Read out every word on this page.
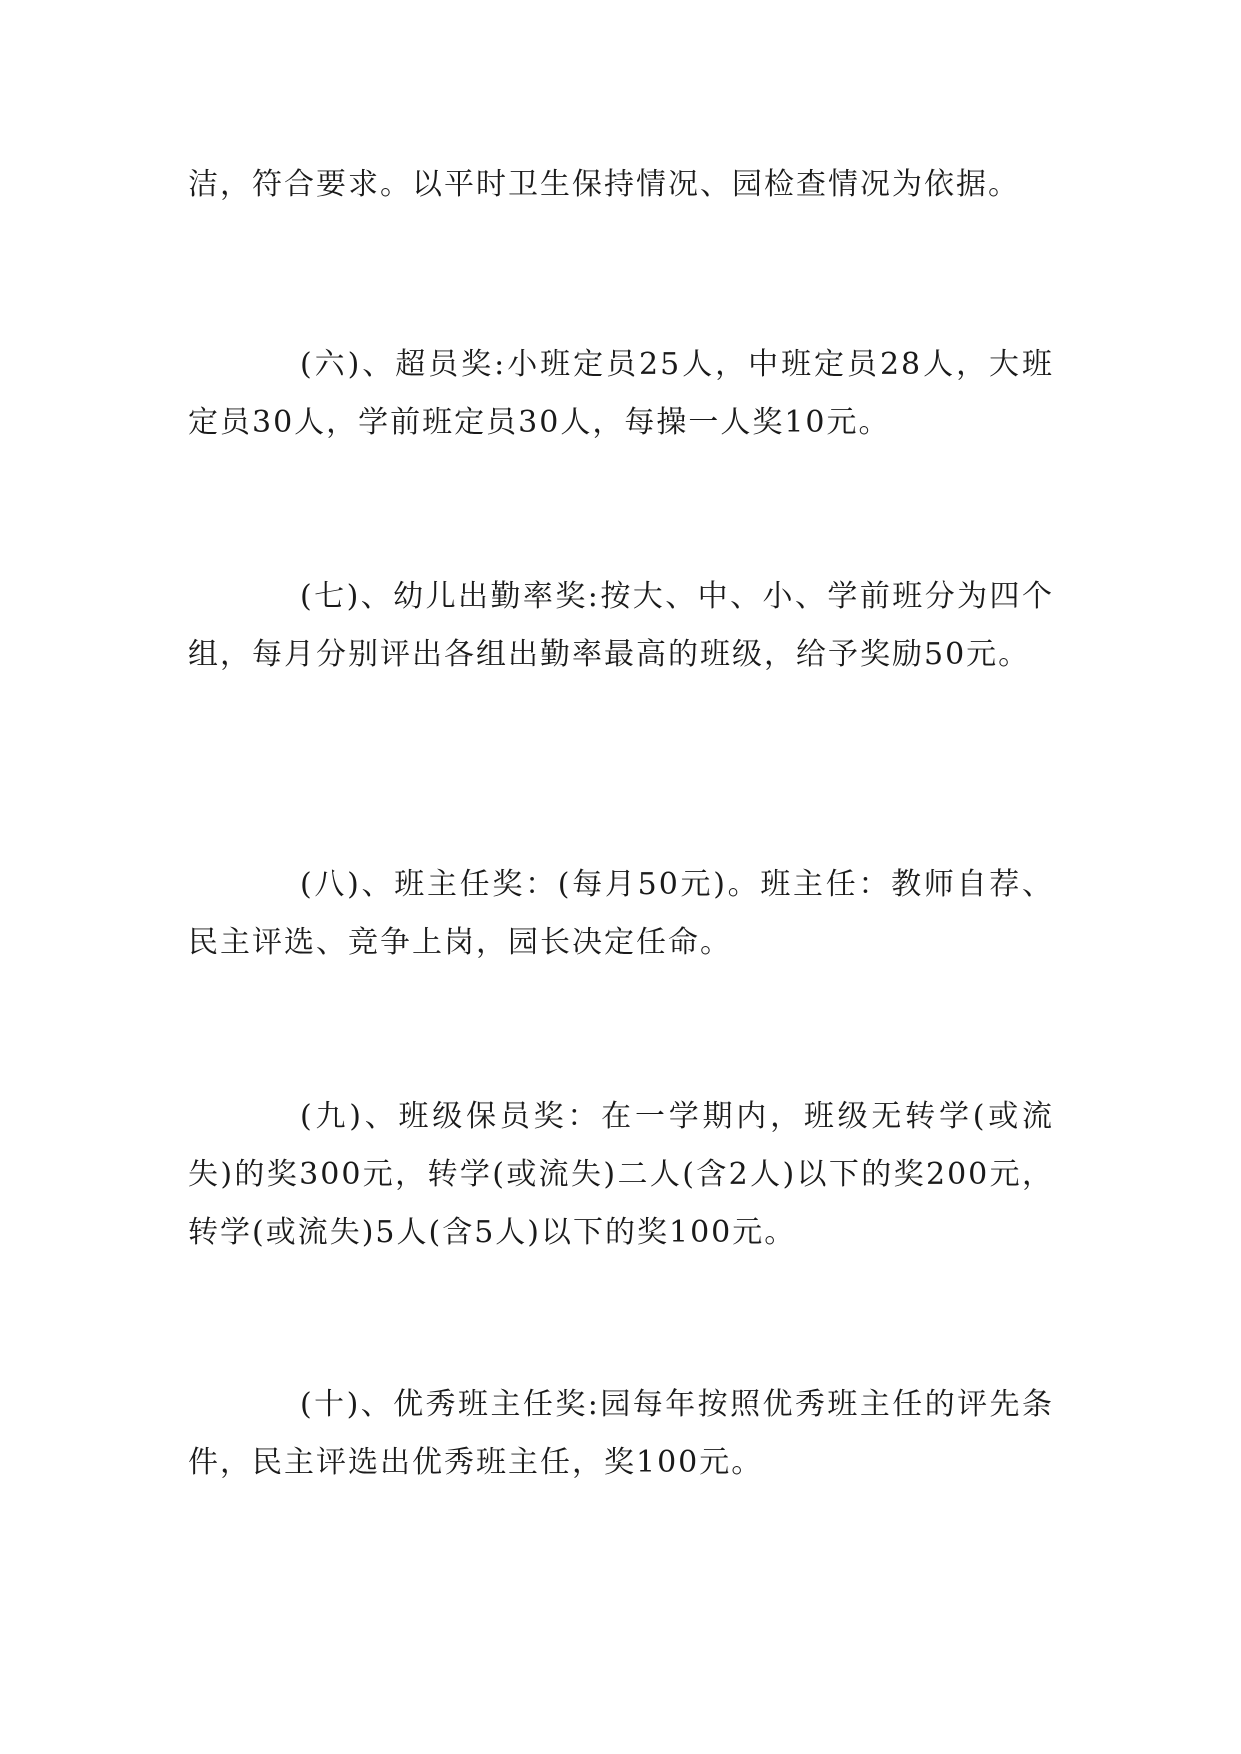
洁，符合要求。以平时卫生保持情况、园检查情况为依据。

(六)、超员奖:小班定员25人，中班定员28人，大班定员30人，学前班定员30人，每操一人奖10元。

(七)、幼儿出勤率奖:按大、中、小、学前班分为四个组，每月分别评出各组出勤率最高的班级，给予奖励50元。

(八)、班主任奖：(每月50元)。班主任：教师自荐、民主评选、竞争上岗，园长决定任命。

(九)、班级保员奖：在一学期内，班级无转学(或流失)的奖300元，转学(或流失)二人(含2人)以下的奖200元，转学(或流失)5人(含5人)以下的奖100元。

(十)、优秀班主任奖:园每年按照优秀班主任的评先条件，民主评选出优秀班主任，奖100元。
